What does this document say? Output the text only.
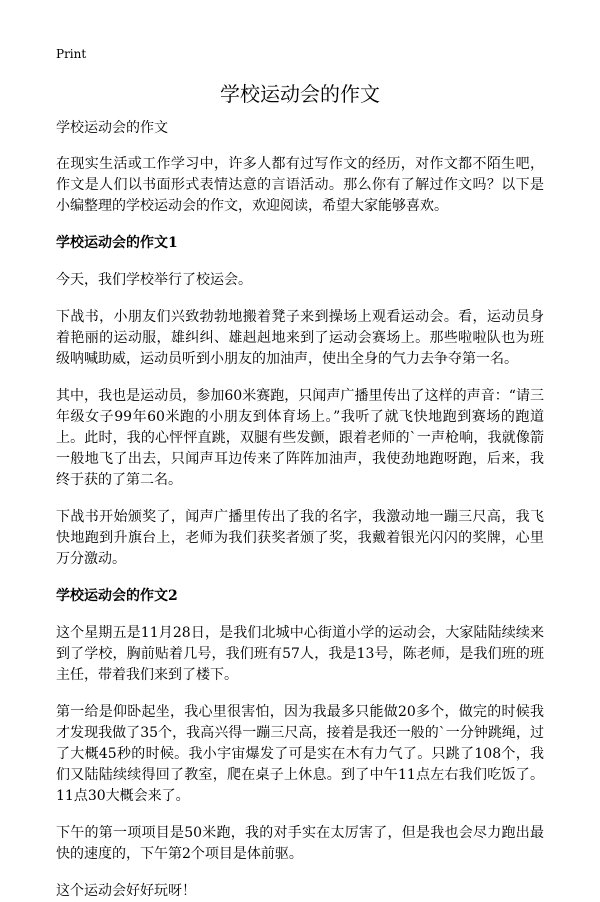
Print
学校运动会的作文

学校运动会的作文

在现实生活或工作学习中，许多人都有过写作文的经历，对作文都不陌生吧，作文是人们以书面形式表情达意的言语活动。那么你有了解过作文吗？以下是小编整理的学校运动会的作文，欢迎阅读，希望大家能够喜欢。

学校运动会的作文1

今天，我们学校举行了校运会。

下战书，小朋友们兴致勃勃地搬着凳子来到操场上观看运动会。看，运动员身着艳丽的运动服，雄纠纠、雄赳赳地来到了运动会赛场上。那些啦啦队也为班级呐喊助威，运动员听到小朋友的加油声，使出全身的气力去争夺第一名。

其中，我也是运动员，参加60米赛跑，只闻声广播里传出了这样的声音：“请三年级女子99年60米跑的小朋友到体育场上。”我听了就飞快地跑到赛场的跑道上。此时，我的心怦怦直跳，双腿有些发颤，跟着老师的`一声枪响，我就像箭一般地飞了出去，只闻声耳边传来了阵阵加油声，我使劲地跑呀跑，后来，我终于获的了第二名。

下战书开始颁奖了，闻声广播里传出了我的名字，我激动地一蹦三尺高，我飞快地跑到升旗台上，老师为我们获奖者颁了奖，我戴着银光闪闪的奖牌，心里万分激动。

学校运动会的作文2

这个星期五是11月28日，是我们北城中心街道小学的运动会，大家陆陆续续来到了学校，胸前贴着几号，我们班有57人，我是13号，陈老师，是我们班的班主任，带着我们来到了楼下。

第一给是仰卧起坐，我心里很害怕，因为我最多只能做20多个，做完的时候我才发现我做了35个，我高兴得一蹦三尺高，接着是我还一般的`一分钟跳绳，过了大概45秒的时候。我小宇宙爆发了可是实在木有力气了。只跳了108个，我们又陆陆续续得回了教室，爬在桌子上休息。到了中午11点左右我们吃饭了。11点30大概会来了。

下午的第一项项目是50米跑，我的对手实在太厉害了，但是我也会尽力跑出最快的速度的，下午第2个项目是体前驱。

这个运动会好好玩呀！
